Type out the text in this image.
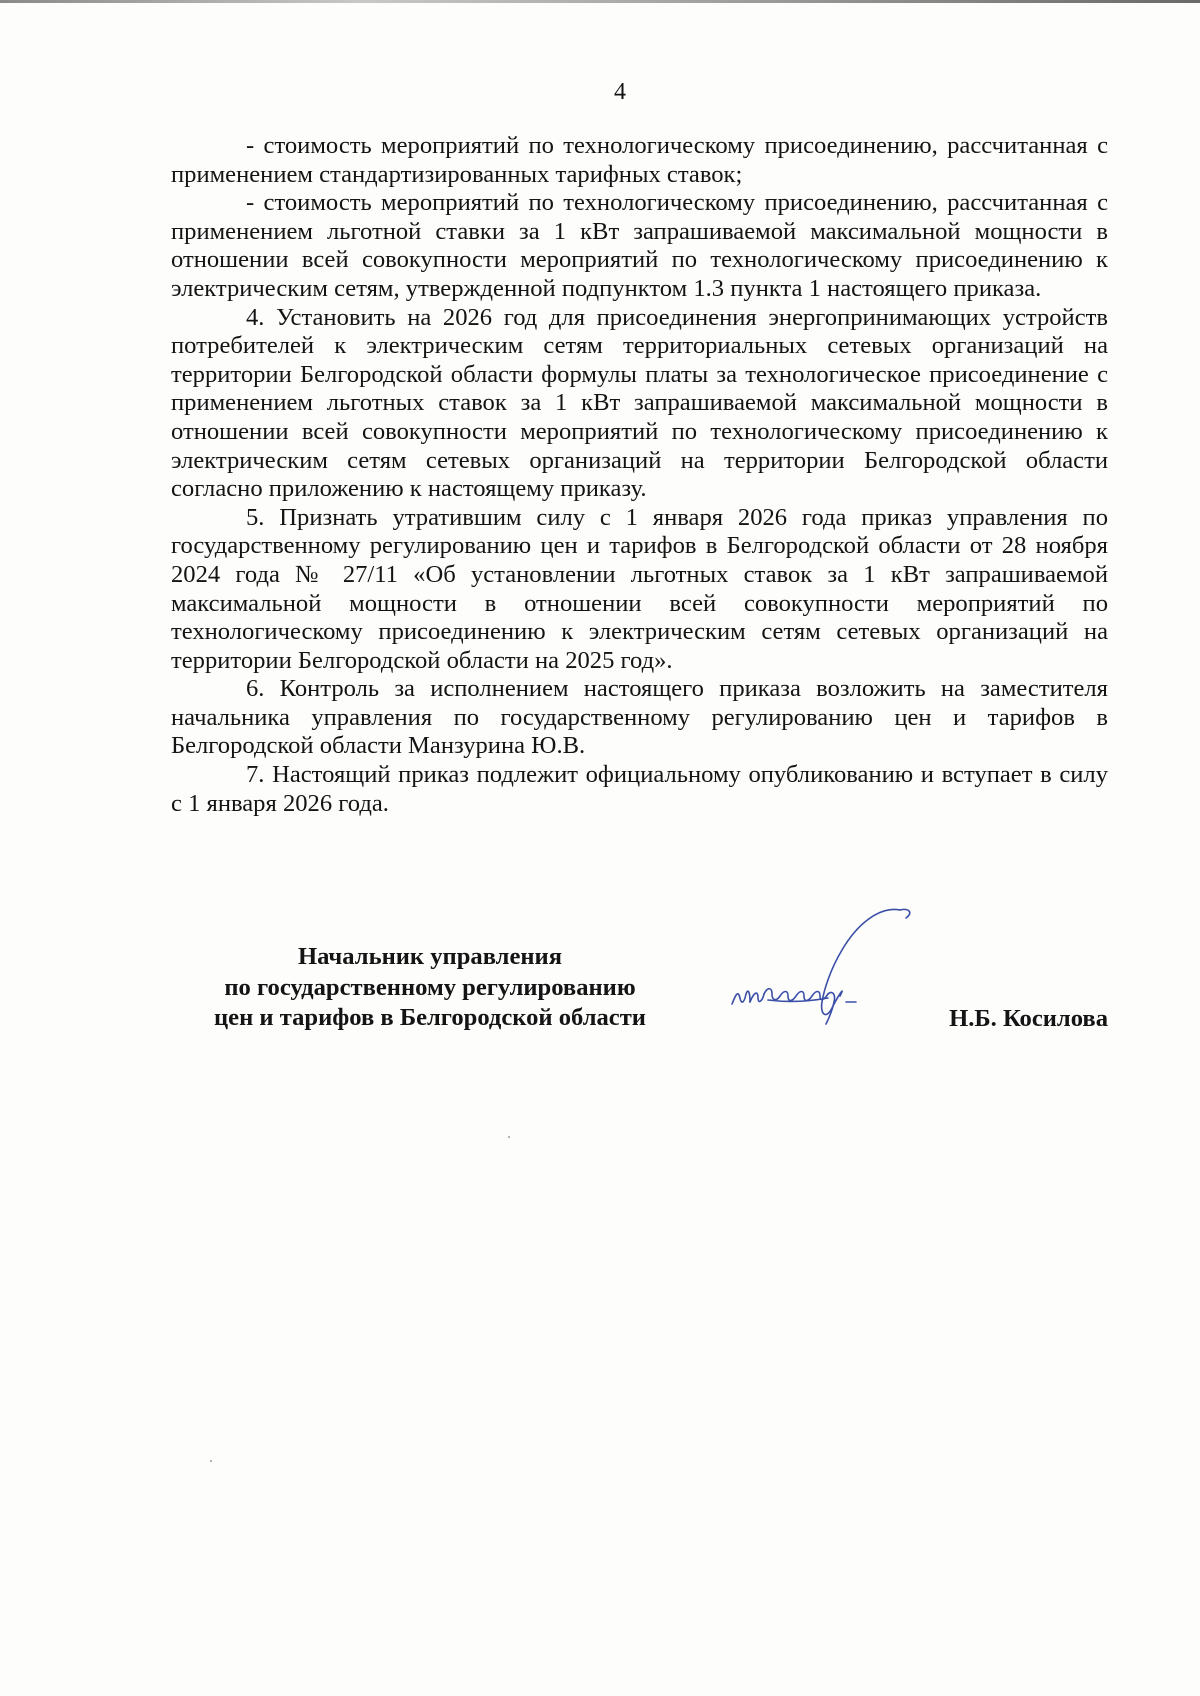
4

- стоимость мероприятий по технологическому присоединению, рассчитанная с применением стандартизированных тарифных ставок;

- стоимость мероприятий по технологическому присоединению, рассчитанная с применением льготной ставки за 1 кВт запрашиваемой максимальной мощности в отношении всей совокупности мероприятий по технологическому присоединению к электрическим сетям, утвержденной подпунктом 1.3 пункта 1 настоящего приказа.

4. Установить на 2026 год для присоединения энергопринимающих устройств потребителей к электрическим сетям территориальных сетевых организаций на территории Белгородской области формулы платы за технологическое присоединение с применением льготных ставок за 1 кВт запрашиваемой максимальной мощности в отношении всей совокупности мероприятий по технологическому присоединению к электрическим сетям сетевых организаций на территории Белгородской области согласно приложению к настоящему приказу.

5. Признать утратившим силу с 1 января 2026 года приказ управления по государственному регулированию цен и тарифов в Белгородской области от 28 ноября 2024 года № 27/11 «Об установлении льготных ставок за 1 кВт запрашиваемой максимальной мощности в отношении всей совокупности мероприятий по технологическому присоединению к электрическим сетям сетевых организаций на территории Белгородской области на 2025 год».

6. Контроль за исполнением настоящего приказа возложить на заместителя начальника управления по государственному регулированию цен и тарифов в Белгородской области Манзурина Ю.В.

7. Настоящий приказ подлежит официальному опубликованию и вступает в силу с 1 января 2026 года.

Начальник управления
по государственному регулированию
цен и тарифов в Белгородской области	Н.Б. Косилова
